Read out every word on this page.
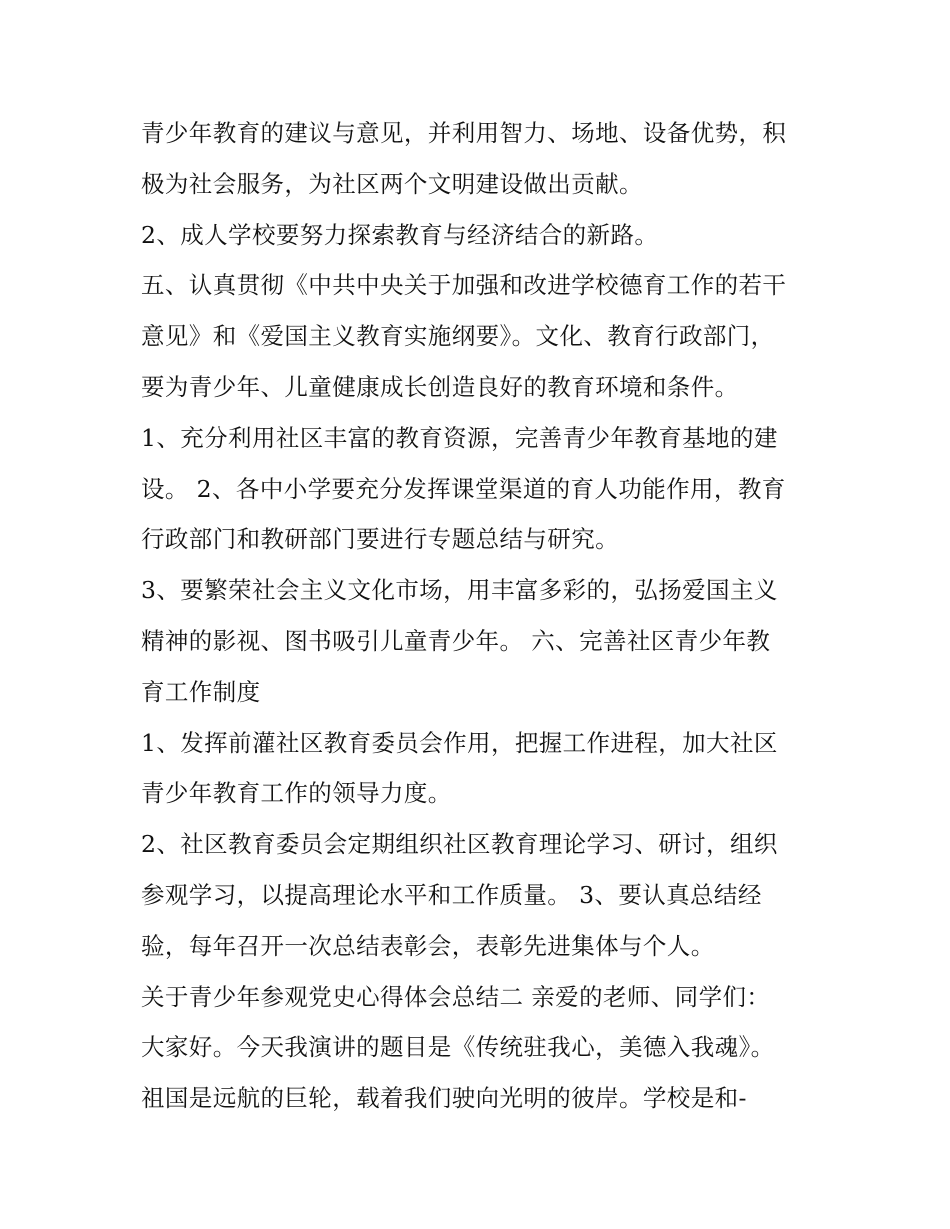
青少年教育的建议与意见，并利用智力、场地、设备优势，积
极为社会服务，为社区两个文明建设做出贡献。
2、成人学校要努力探索教育与经济结合的新路。
五、认真贯彻《中共中央关于加强和改进学校德育工作的若干
意见》和《爱国主义教育实施纲要》。文化、教育行政部门，
要为青少年、儿童健康成长创造良好的教育环境和条件。
1、充分利用社区丰富的教育资源，完善青少年教育基地的建
设。 2、各中小学要充分发挥课堂渠道的育人功能作用，教育
行政部门和教研部门要进行专题总结与研究。
3、要繁荣社会主义文化市场，用丰富多彩的，弘扬爱国主义
精神的影视、图书吸引儿童青少年。 六、完善社区青少年教
育工作制度
1、发挥前灌社区教育委员会作用，把握工作进程，加大社区
青少年教育工作的领导力度。
2、社区教育委员会定期组织社区教育理论学习、研讨，组织
参观学习，以提高理论水平和工作质量。 3、要认真总结经
验，每年召开一次总结表彰会，表彰先进集体与个人。
关于青少年参观党史心得体会总结二 亲爱的老师、同学们：
大家好。今天我演讲的题目是《传统驻我心，美德入我魂》。
祖国是远航的巨轮，载着我们驶向光明的彼岸。学校是和-
